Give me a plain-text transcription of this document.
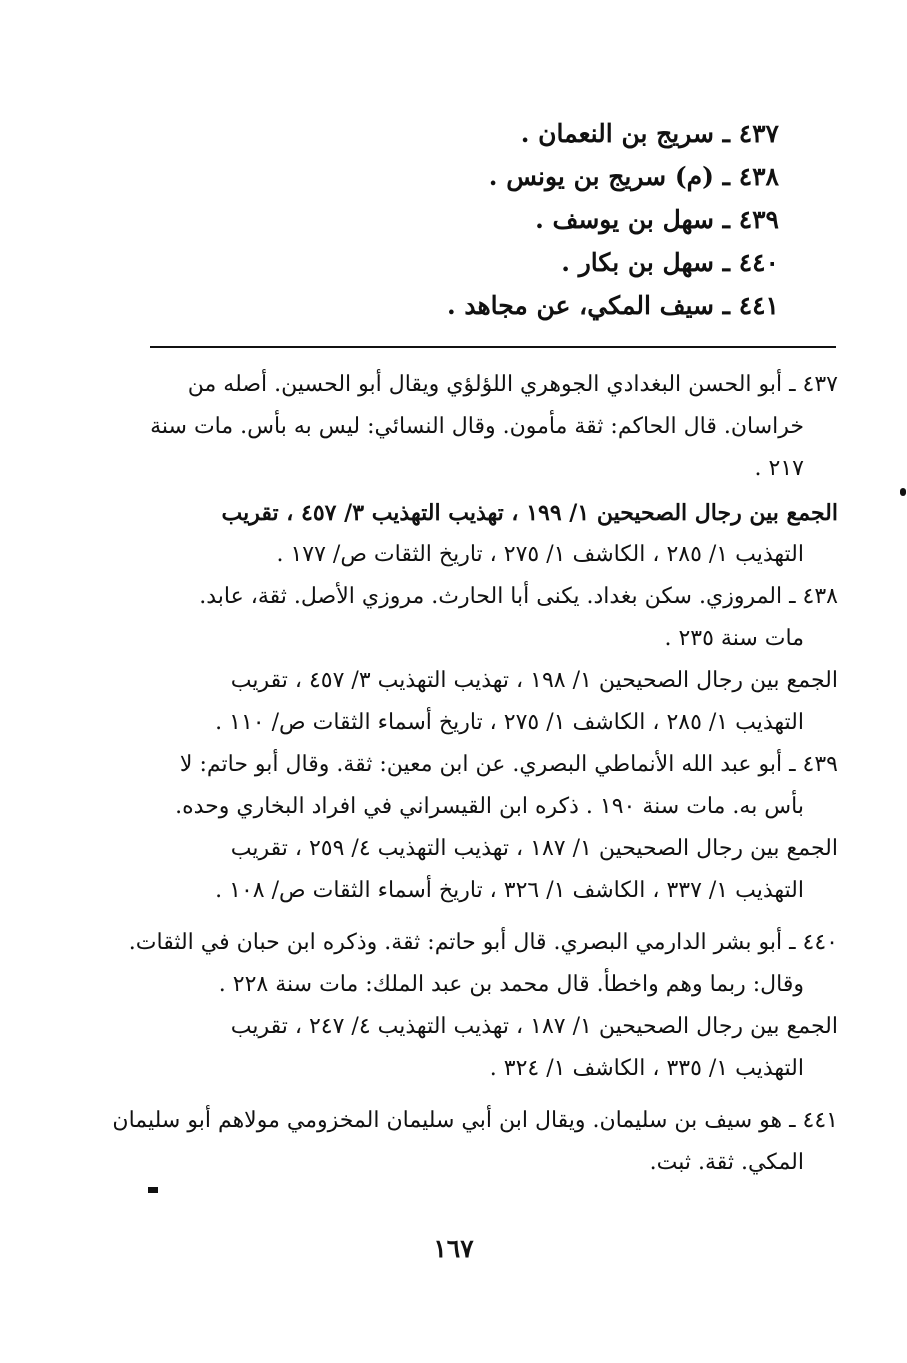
٤٣٧ ـ سريج بن النعمان .
٤٣٨ ـ (م) سريج بن يونس .
٤٣٩ ـ سهل بن يوسف .
٤٤٠ ـ سهل بن بكار .
٤٤١ ـ سيف المكي، عن مجاهد .
٤٣٧ ـ أبو الحسن البغدادي الجوهري اللؤلؤي ويقال أبو الحسين. أصله من
خراسان. قال الحاكم: ثقة مأمون. وقال النسائي: ليس به بأس. مات سنة
٢١٧ .
الجمع بين رجال الصحيحين ١/ ١٩٩ ، تهذيب التهذيب ٣/ ٤٥٧ ، تقريب
التهذيب ١/ ٢٨٥ ، الكاشف ١/ ٢٧٥ ، تاريخ الثقات ص/ ١٧٧ .
٤٣٨ ـ المروزي. سكن بغداد. يكنى أبا الحارث. مروزي الأصل. ثقة، عابد.
مات سنة ٢٣٥ .
الجمع بين رجال الصحيحين ١/ ١٩٨ ، تهذيب التهذيب ٣/ ٤٥٧ ، تقريب
التهذيب ١/ ٢٨٥ ، الكاشف ١/ ٢٧٥ ، تاريخ أسماء الثقات ص/ ١١٠ .
٤٣٩ ـ أبو عبد الله الأنماطي البصري. عن ابن معين: ثقة. وقال أبو حاتم: لا
بأس به. مات سنة ١٩٠ . ذكره ابن القيسراني في افراد البخاري وحده.
الجمع بين رجال الصحيحين ١/ ١٨٧ ، تهذيب التهذيب ٤/ ٢٥٩ ، تقريب
التهذيب ١/ ٣٣٧ ، الكاشف ١/ ٣٢٦ ، تاريخ أسماء الثقات ص/ ١٠٨ .
٤٤٠ ـ أبو بشر الدارمي البصري. قال أبو حاتم: ثقة. وذكره ابن حبان في الثقات.
وقال: ربما وهم واخطأ. قال محمد بن عبد الملك: مات سنة ٢٢٨ .
الجمع بين رجال الصحيحين ١/ ١٨٧ ، تهذيب التهذيب ٤/ ٢٤٧ ، تقريب
التهذيب ١/ ٣٣٥ ، الكاشف ١/ ٣٢٤ .
٤٤١ ـ هو سيف بن سليمان. ويقال ابن أبي سليمان المخزومي مولاهم أبو سليمان
المكي. ثقة. ثبت.
١٦٧
